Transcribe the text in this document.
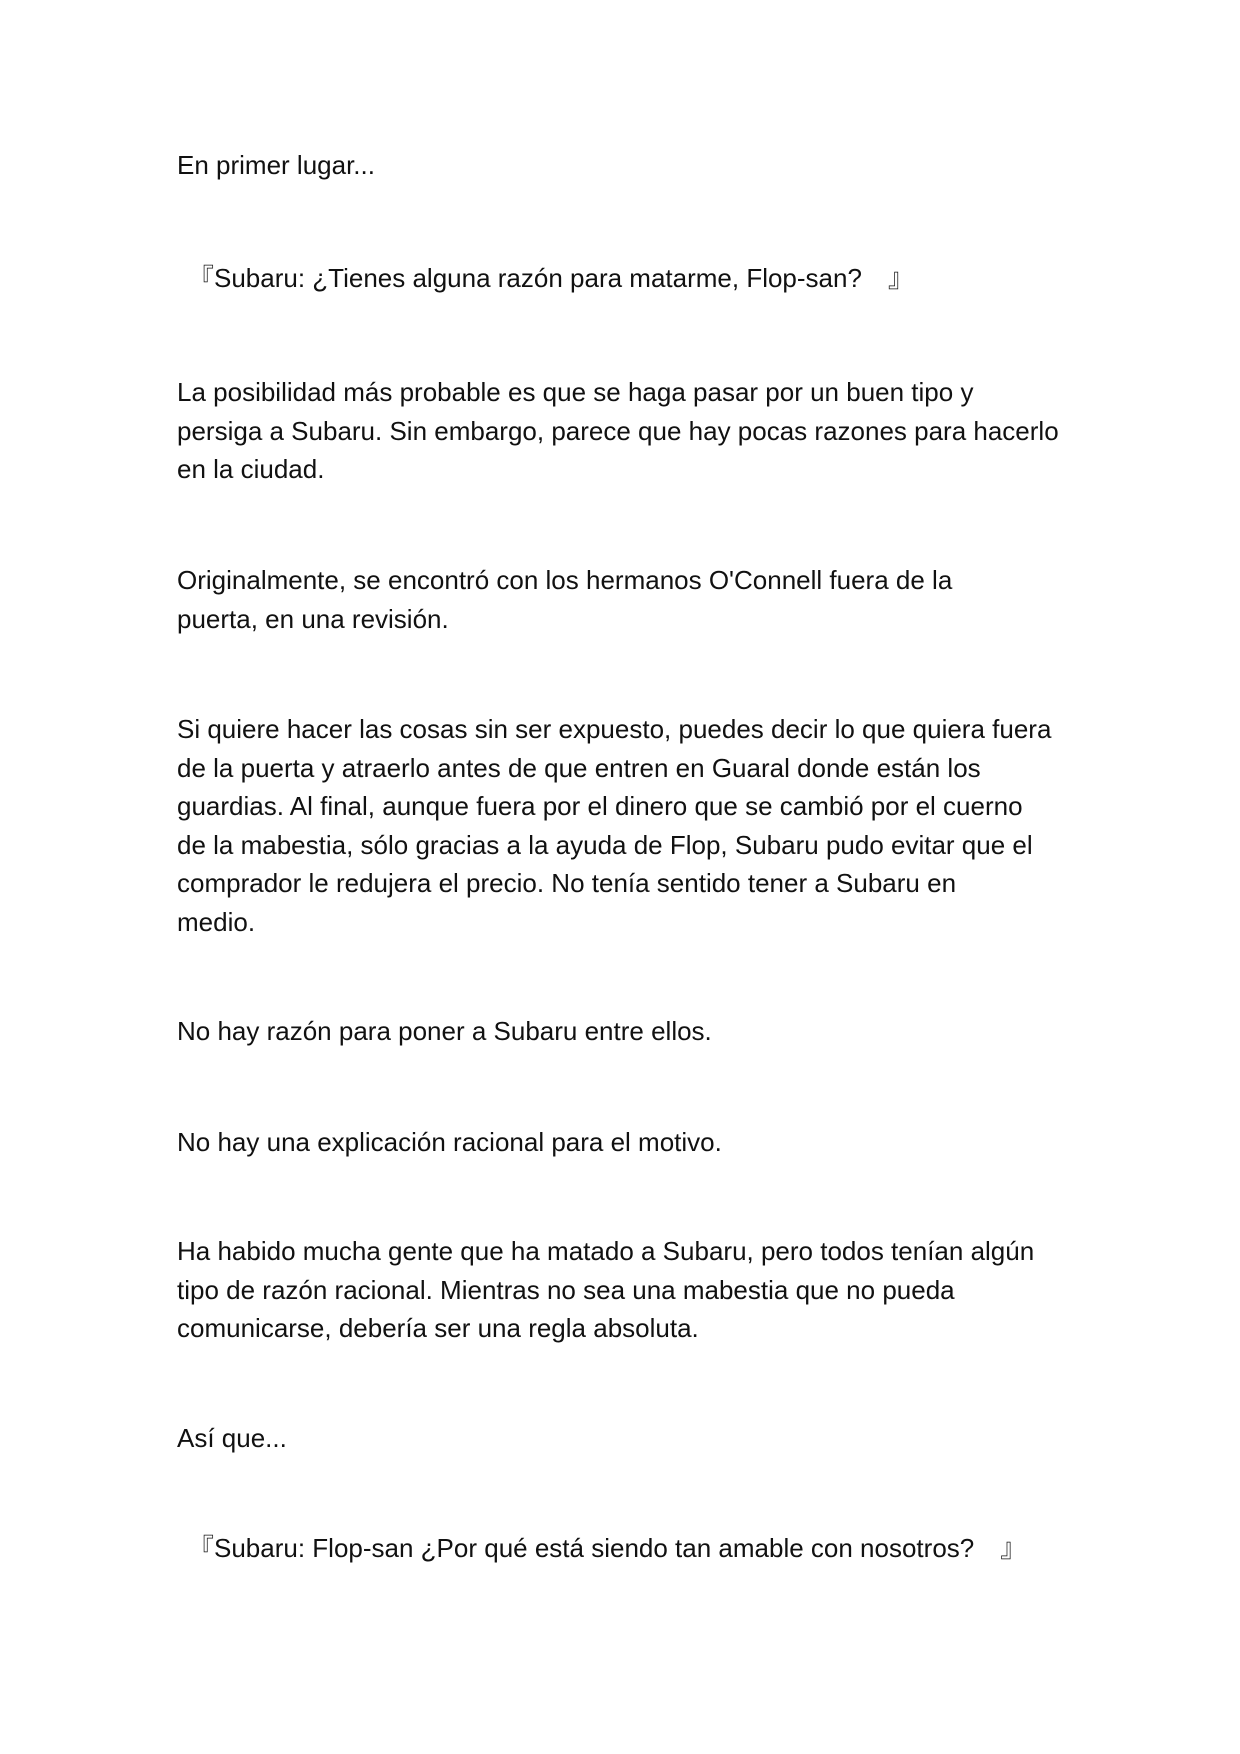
En primer lugar...

『Subaru: ¿Tienes alguna razón para matarme, Flop-san?　』

La posibilidad más probable es que se haga pasar por un buen tipo y
persiga a Subaru. Sin embargo, parece que hay pocas razones para hacerlo
en la ciudad.

Originalmente, se encontró con los hermanos O'Connell fuera de la
puerta, en una revisión.

Si quiere hacer las cosas sin ser expuesto, puedes decir lo que quiera fuera
de la puerta y atraerlo antes de que entren en Guaral donde están los
guardias. Al final, aunque fuera por el dinero que se cambió por el cuerno
de la mabestia, sólo gracias a la ayuda de Flop, Subaru pudo evitar que el
comprador le redujera el precio. No tenía sentido tener a Subaru en
medio.

No hay razón para poner a Subaru entre ellos.

No hay una explicación racional para el motivo.

Ha habido mucha gente que ha matado a Subaru, pero todos tenían algún
tipo de razón racional. Mientras no sea una mabestia que no pueda
comunicarse, debería ser una regla absoluta.

Así que...

『Subaru: Flop-san ¿Por qué está siendo tan amable con nosotros?　』
